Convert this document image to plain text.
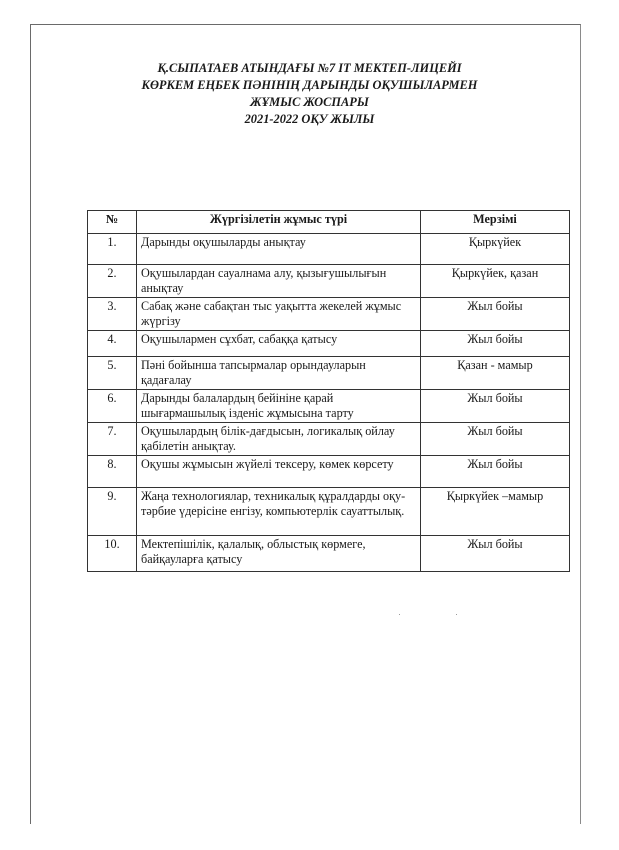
Қ.СЫПАТАЕВ АТЫНДАҒЫ №7 IT МЕКТЕП-ЛИЦЕЙІ
КӨРКЕМ ЕҢБЕК ПӘНІНІҢ ДАРЫНДЫ ОҚУШЫЛАРМЕН
ЖҰМЫС ЖОСПАРЫ
2021-2022 ОҚУ ЖЫЛЫ
№	Жүргізілетін жұмыс түрі	Мерзімі
1.	Дарынды оқушыларды анықтау	Қыркүйек
2.	Оқушылардан сауалнама алу, қызығушылығын анықтау	Қыркүйек, қазан
3.	Сабақ және сабақтан тыс уақытта жекелей жұмыс жүргізу	Жыл бойы
4.	Оқушылармен сұхбат, сабаққа қатысу	Жыл бойы
5.	Пәні бойынша тапсырмалар орындауларын қадағалау	Қазан - мамыр
6.	Дарынды балалардың бейініне қарай шығармашылық ізденіс жұмысына тарту	Жыл бойы
7.	Оқушылардың білік-дағдысын, логикалық ойлау қабілетін анықтау.	Жыл бойы
8.	Оқушы жұмысын жүйелі тексеру, көмек көрсету	Жыл бойы
9.	Жаңа технологиялар, техникалық құралдарды оқу-тәрбие үдерісіне енгізу, компьютерлік сауаттылық.	Қыркүйек –мамыр
10.	Мектепішілік, қалалық, облыстық көрмеге, байқауларға қатысу	Жыл бойы
